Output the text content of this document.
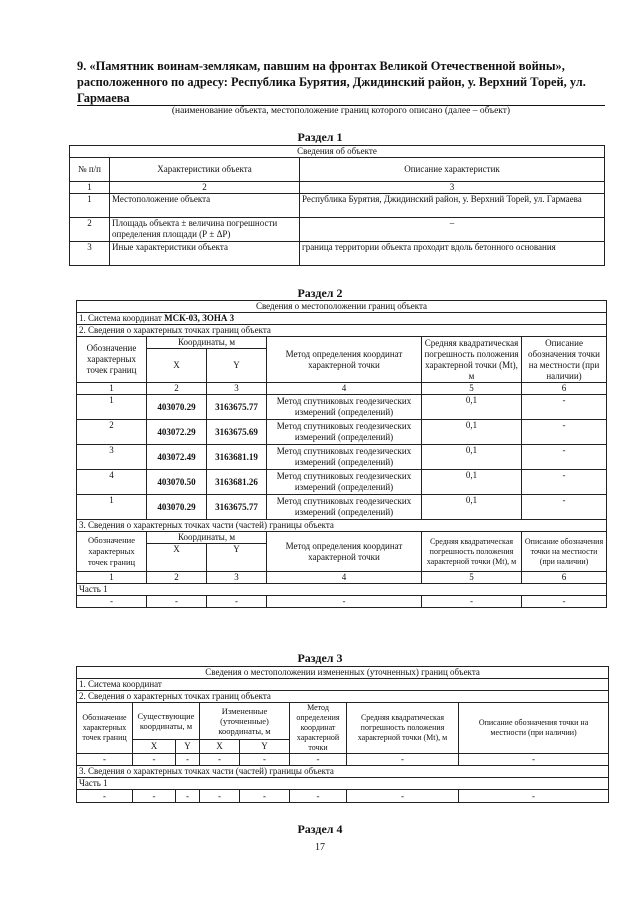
9. «Памятник воинам-землякам, павшим на фронтах Великой Отечественной войны», расположенного по адресу: Республика Бурятия, Джидинский район, у. Верхний Торей, ул. Гармаева
(наименование объекта, местоположение границ которого описано (далее – объект)
Раздел 1
Сведения об объекте		
№ п/п	Характеристики объекта	Описание характеристик
1	2	3
1	Местоположение объекта	Республика Бурятия, Джидинский район, у. Верхний Торей, ул. Гармаева
2	Площадь объекта ± величина погрешности определения площади (Р ± ΔР)	–
3	Иные характеристики объекта	граница территории объекта проходит вдоль бетонного основания
Раздел 2
Сведения о местоположении границ объекта					
1. Система координат МСК-03, ЗОНА 3					
2. Сведения о характерных точках границ объекта					
Обозначение характерных точек границ	Координаты, м		Метод определения координат характерной точки	Средняя квадратическая погрешность положения характерной точки (Mt), м	Описание обозначения точки на местности (при наличии)
	X	Y			
1	2	3	4	5	6
1	403070.29	3163675.77	Метод спутниковых геодезических измерений (определений)	0,1	-
2	403072.29	3163675.69	Метод спутниковых геодезических измерений (определений)	0,1	-
3	403072.49	3163681.19	Метод спутниковых геодезических измерений (определений)	0,1	-
4	403070.50	3163681.26	Метод спутниковых геодезических измерений (определений)	0,1	-
1	403070.29	3163675.77	Метод спутниковых геодезических измерений (определений)	0,1	-
3. Сведения о характерных точках части (частей) границы объекта					
Обозначение характерных точек границ	Координаты, м		Метод определения координат характерной точки	Средняя квадратическая погрешность положения характерной точки (Mt), м	Описание обозначения точки на местности (при наличии)
	X	Y			
1	2	3	4	5	6
Часть 1					
-	-	-	-	-	-
Раздел 3
Сведения о местоположении измененных (уточненных) границ объекта							
1. Система координат							
2. Сведения о характерных точках границ объекта							
Обозначение характерных точек границ	Существующие координаты, м		Измененные (уточненные) координаты, м		Метод определения координат характерной точки	Средняя квадратическая погрешность положения характерной точки (Mt), м	Описание обозначения точки на местности (при наличии)
	X	Y	X	Y			
-	-	-	-	-	-	-	-
3. Сведения о характерных точках части (частей) границы объекта							
Часть 1							
-	-	-	-	-	-	-	-
Раздел 4
17
